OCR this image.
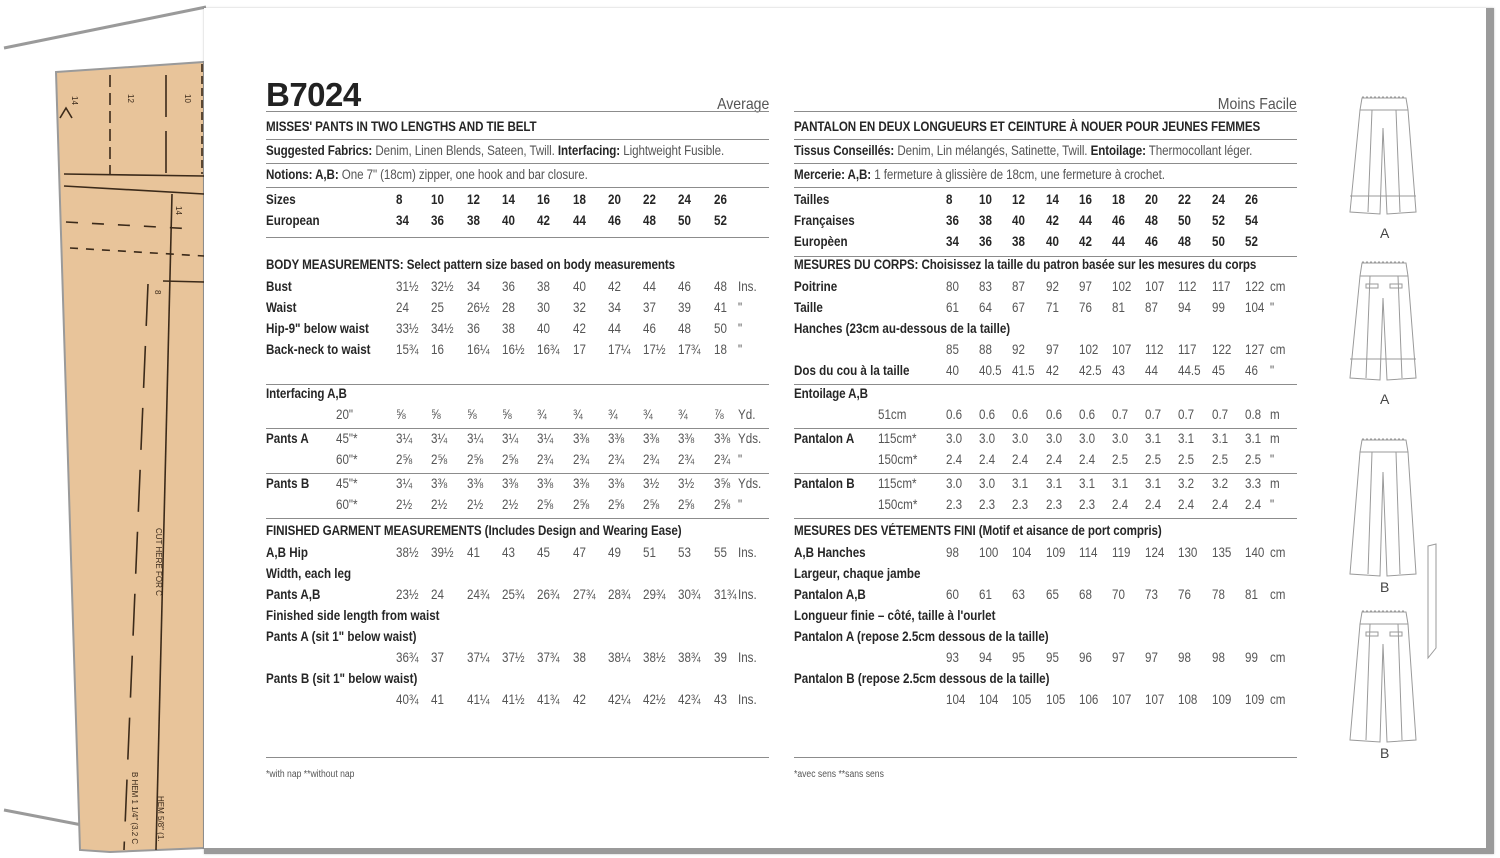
14	12	10
14
8
CUT HERE FOR C
B HEM 1 1/4" (3.2 C HEM 5/8" (1.
B7024	Average
MISSES' PANTS IN TWO LENGTHS AND TIE BELT
Suggested Fabrics: Denim, Linen Blends, Sateen, Twill. Interfacing: Lightweight Fusible.
Notions: A,B: One 7" (18cm) zipper, one hook and bar closure.
Sizes	8 10 12 14 16 18 20 22 24 26
European	34 36 38 40 42 44 46 48 50 52
BODY MEASUREMENTS: Select pattern size based on body measurements
Bust	31½ 32½ 34 36 38 40 42 44 46 48 Ins.
Waist	24 25 26½ 28 30 32 34 37 39 41 "
Hip-9" below waist 33½ 34½ 36 38 40 42 44 46 48 50 "
Back-neck to waist 15¾ 16 16¼ 16½ 16¾ 17 17¼ 17½ 17¾ 18 "
Interfacing A,B
20"	⅝ ⅝ ⅝ ⅝ ¾ ¾ ¾ ¾ ¾ ⅞ Yd.
Pants A 45"*	3¼ 3¼ 3¼ 3¼ 3¼ 3⅜ 3⅜ 3⅜ 3⅜ 3⅜ Yds.
60"*	2⅝ 2⅝ 2⅝ 2⅝ 2¾ 2¾ 2¾ 2¾ 2¾ 2¾ "
Pants B 45"*	3¼ 3⅜ 3⅜ 3⅜ 3⅜ 3⅜ 3⅜ 3½ 3½ 3⅝ Yds.
60"*	2½ 2½ 2½ 2½ 2⅝ 2⅝ 2⅝ 2⅝ 2⅝ 2⅝ "
FINISHED GARMENT MEASUREMENTS (Includes Design and Wearing Ease)
A,B Hip	38½ 39½ 41 43 45 47 49 51 53 55 Ins.
Width, each leg
Pants A,B	23½ 24 24¾ 25¾ 26¾ 27¾ 28¾ 29¾ 30¾ 31¾ Ins.
Finished side length from waist
Pants A (sit 1" below waist)
36¾ 37 37¼ 37½ 37¾ 38 38¼ 38½ 38¾ 39 Ins.
Pants B (sit 1" below waist)
40¾ 41 41¼ 41½ 41¾ 42 42¼ 42½ 42¾ 43 Ins.
*with nap **without nap
Moins Facile
PANTALON EN DEUX LONGUEURS ET CEINTURE À NOUER POUR JEUNES FEMMES
Tissus Conseillés: Denim, Lin mélangés, Satinette, Twill. Entoilage: Thermocollant léger.
Mercerie: A,B: 1 fermeture à glissière de 18cm, une fermeture à crochet.
Tailles	8 10 12 14 16 18 20 22 24 26
Françaises	36 38 40 42 44 46 48 50 52 54
Europèen	34 36 38 40 42 44 46 48 50 52
MESURES DU CORPS: Choisissez la taille du patron basée sur les mesures du corps
Poitrine	80 83 87 92 97 102 107 112 117 122 cm
Taille	61 64 67 71 76 81 87 94 99 104 "
Hanches (23cm au-dessous de la taille)
85 88 92 97 102 107 112 117 122 127 cm
Dos du cou à la taille	40 40.5 41.5 42 42.5 43 44 44.5 45 46 "
Entoilage A,B
51cm	0.6 0.6 0.6 0.6 0.6 0.7 0.7 0.7 0.7 0.8 m
Pantalon A 115cm* 3.0 3.0 3.0 3.0 3.0 3.0 3.1 3.1 3.1 3.1 m
150cm* 2.4 2.4 2.4 2.4 2.4 2.5 2.5 2.5 2.5 2.5 "
Pantalon B 115cm* 3.0 3.0 3.1 3.1 3.1 3.1 3.1 3.2 3.2 3.3 m
150cm* 2.3 2.3 2.3 2.3 2.3 2.4 2.4 2.4 2.4 2.4 "
MESURES DES VÉTEMENTS FINI (Motif et aisance de port compris)
A,B Hanches	98 100 104 109 114 119 124 130 135 140 cm
Largeur, chaque jambe
Pantalon A,B	60 61 63 65 68 70 73 76 78 81 cm
Longueur finie – côté, taille à l'ourlet
Pantalon A (repose 2.5cm dessous de la taille)
93 94 95 95 96 97 97 98 98 99 cm
Pantalon B (repose 2.5cm dessous de la taille)
104 104 105 105 106 107 107 108 109 109 cm
*avec sens **sans sens
A
A
B
B
